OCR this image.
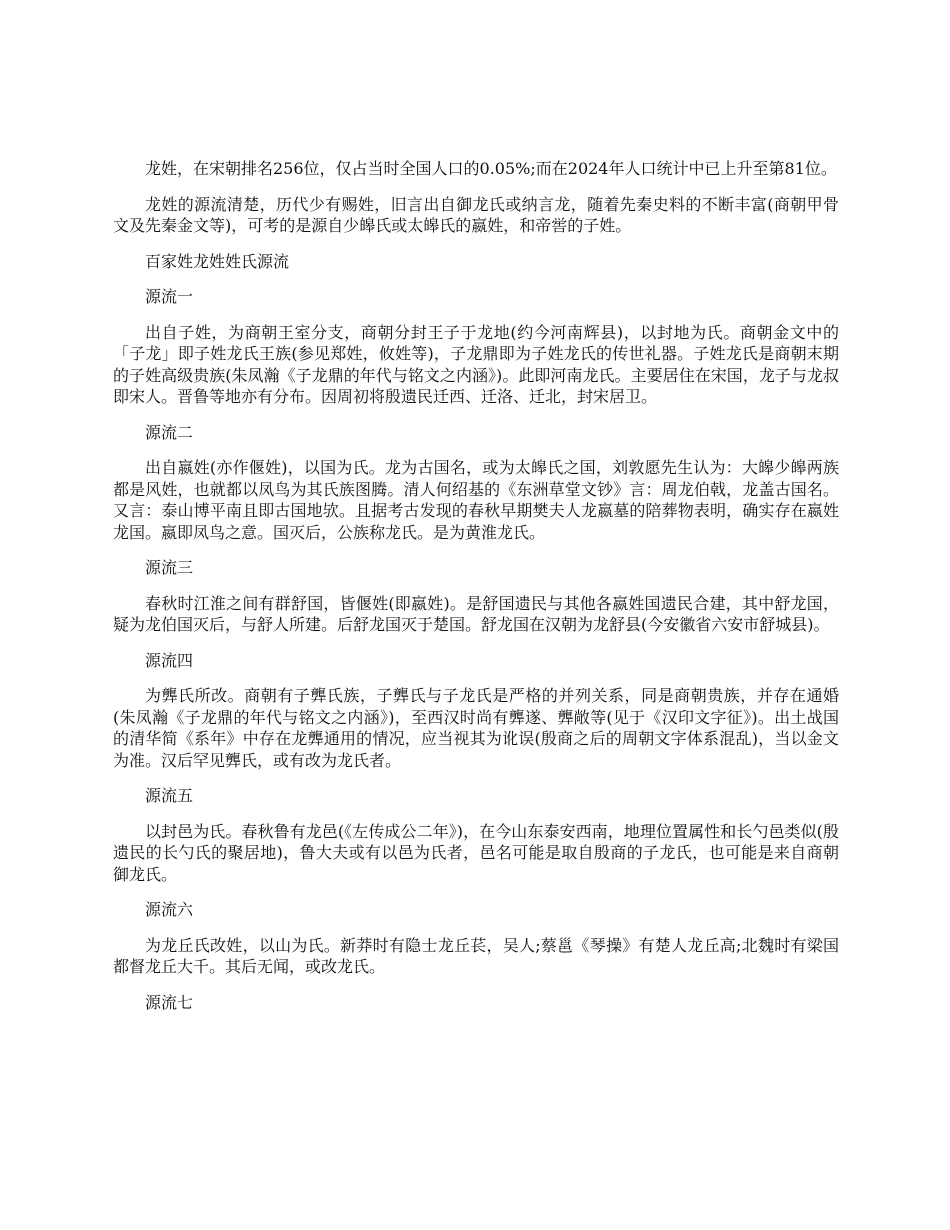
龙姓，在宋朝排名256位，仅占当时全国人口的0.05%;而在2024年人口统计中已上升至第81位。

龙姓的源流清楚，历代少有赐姓，旧言出自御龙氏或纳言龙，随着先秦史料的不断丰富(商朝甲骨文及先秦金文等)，可考的是源自少皞氏或太皞氏的嬴姓，和帝喾的子姓。

百家姓龙姓姓氏源流

源流一

出自子姓，为商朝王室分支，商朝分封王子于龙地(约今河南辉县)，以封地为氏。商朝金文中的「子龙」即子姓龙氏王族(参见郑姓，攸姓等)，子龙鼎即为子姓龙氏的传世礼器。子姓龙氏是商朝末期的子姓高级贵族(朱凤瀚《子龙鼎的年代与铭文之内涵》)。此即河南龙氏。主要居住在宋国，龙子与龙叔即宋人。晋鲁等地亦有分布。因周初将殷遗民迁西、迁洛、迁北，封宋居卫。

源流二

出自嬴姓(亦作偃姓)，以国为氏。龙为古国名，或为太皞氏之国，刘敦愿先生认为：大皞少皞两族都是风姓，也就都以凤鸟为其氏族图腾。清人何绍基的《东洲草堂文钞》言：周龙伯戟，龙盖古国名。又言：泰山博平南且即古国地欤。且据考古发现的春秋早期樊夫人龙嬴墓的陪葬物表明，确实存在嬴姓龙国。嬴即凤鸟之意。国灭后，公族称龙氏。是为黄淮龙氏。

源流三

春秋时江淮之间有群舒国，皆偃姓(即嬴姓)。是舒国遗民与其他各嬴姓国遗民合建，其中舒龙国，疑为龙伯国灭后，与舒人所建。后舒龙国灭于楚国。舒龙国在汉朝为龙舒县(今安徽省六安市舒城县)。

源流四

为龏氏所改。商朝有子龏氏族，子龏氏与子龙氏是严格的并列关系，同是商朝贵族，并存在通婚(朱凤瀚《子龙鼎的年代与铭文之内涵》)，至西汉时尚有龏遂、龏敞等(见于《汉印文字征》)。出土战国的清华简《系年》中存在龙龏通用的情况，应当视其为讹误(殷商之后的周朝文字体系混乱)，当以金文为准。汉后罕见龏氏，或有改为龙氏者。

源流五

以封邑为氏。春秋鲁有龙邑(《左传成公二年》)，在今山东泰安西南，地理位置属性和长勺邑类似(殷遗民的长勺氏的聚居地)，鲁大夫或有以邑为氏者，邑名可能是取自殷商的子龙氏，也可能是来自商朝御龙氏。

源流六

为龙丘氏改姓，以山为氏。新莽时有隐士龙丘苌，吴人;蔡邕《琴操》有楚人龙丘高;北魏时有梁国都督龙丘大千。其后无闻，或改龙氏。

源流七
